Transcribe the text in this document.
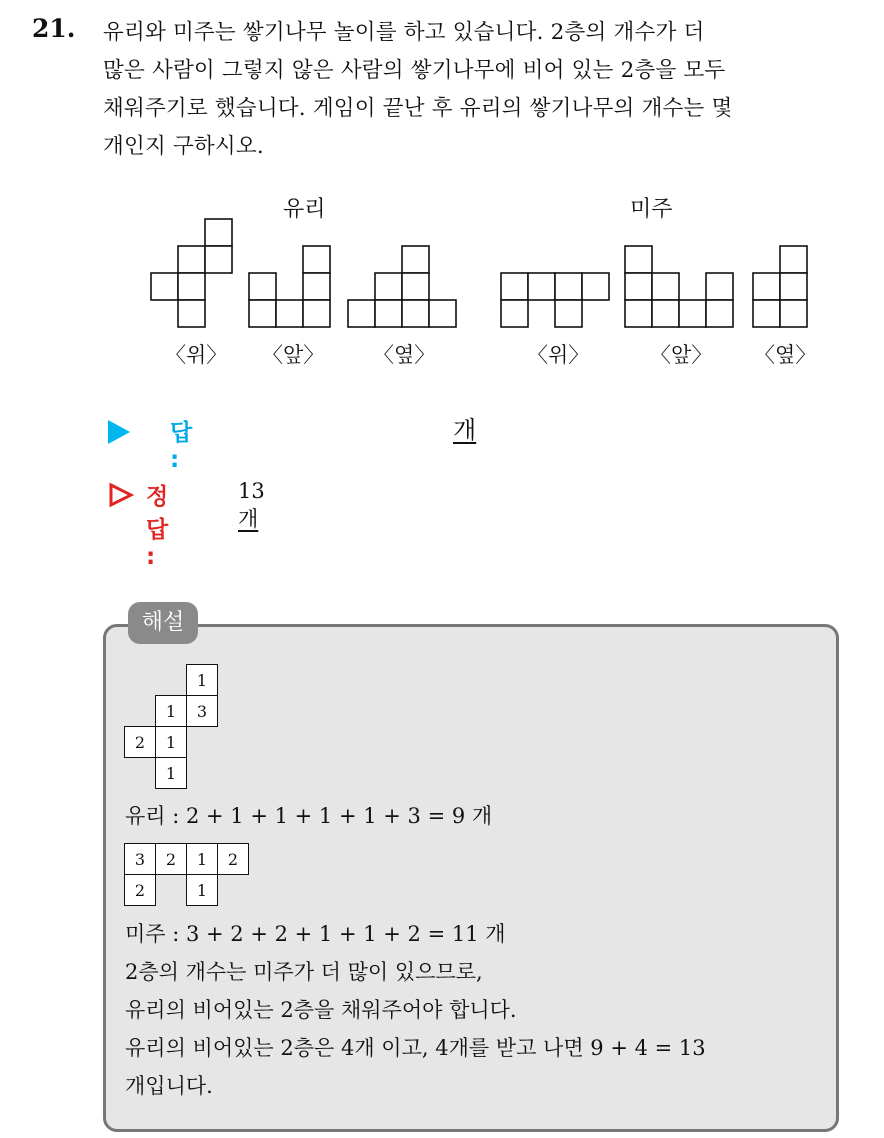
21. 유리와 미주는 쌓기나무 놀이를 하고 있습니다. 2층의 개수가 더
많은 사람이 그렇지 않은 사람의 쌓기나무에 비어 있는 2층을 모두
채워주기로 했습니다. 게임이 끝난 후 유리의 쌓기나무의 개수는 몇
개인지 구하시오.
유리	미주
〈위〉 〈앞〉 〈옆〉	〈위〉	〈앞〉 〈옆〉
답 :
개
정답 :
13 개
해설
		1
	1	3
2	1	
	1	
유리 : 2 + 1 + 1 + 1 + 1 + 3 = 9 개
3	2	1	2
2		1	
미주 : 3 + 2 + 2 + 1 + 1 + 2 = 11 개
2층의 개수는 미주가 더 많이 있으므로,
유리의 비어있는 2층을 채워주어야 합니다.
유리의 비어있는 2층은 4개 이고, 4개를 받고 나면 9 + 4 = 13
개입니다.
